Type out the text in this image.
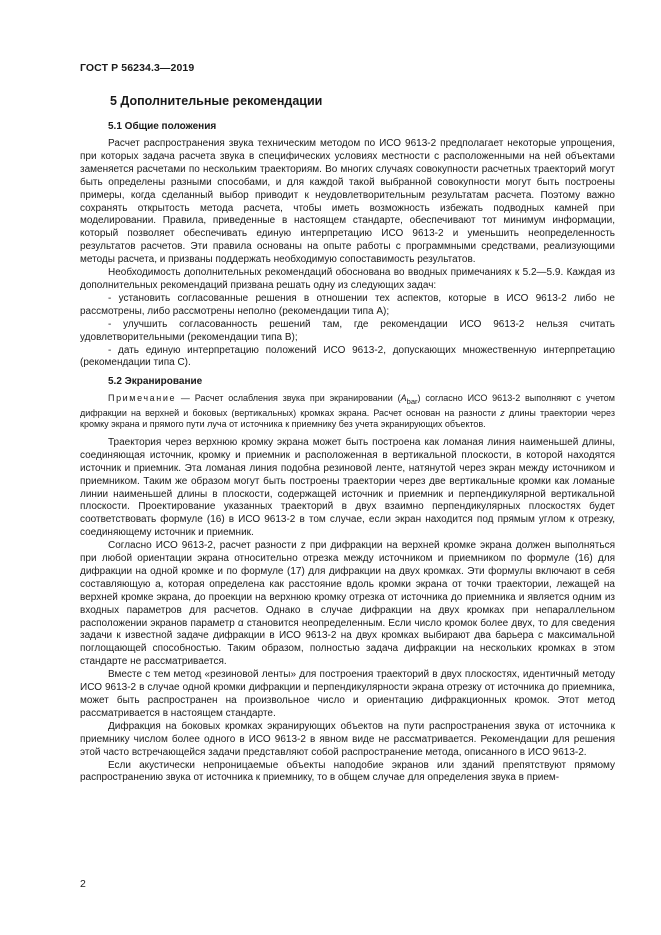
ГОСТ Р 56234.3—2019
5 Дополнительные рекомендации
5.1 Общие положения

Расчет распространения звука техническим методом по ИСО 9613-2 предполагает некоторые упрощения, при которых задача расчета звука в специфических условиях местности с расположенными на ней объектами заменяется расчетами по нескольким траекториям. Во многих случаях совокупности расчетных траекторий могут быть определены разными способами, и для каждой такой выбранной совокупности могут быть построены примеры, когда сделанный выбор приводит к неудовлетворительным результатам расчета. Поэтому важно сохранять открытость метода расчета, чтобы иметь возможность избежать подводных камней при моделировании. Правила, приведенные в настоящем стандарте, обеспечивают тот минимум информации, который позволяет обеспечивать единую интерпретацию ИСО 9613-2 и уменьшить неопределенность результатов расчетов. Эти правила основаны на опыте работы с программными средствами, реализующими методы расчета, и призваны поддержать необходимую сопоставимость результатов.

Необходимость дополнительных рекомендаций обоснована во вводных примечаниях к 5.2—5.9. Каждая из дополнительных рекомендаций призвана решать одну из следующих задач:

- установить согласованные решения в отношении тех аспектов, которые в ИСО 9613-2 либо не рассмотрены, либо рассмотрены неполно (рекомендации типа А);

- улучшить согласованность решений там, где рекомендации ИСО 9613-2 нельзя считать удовлетворительными (рекомендации типа В);

- дать единую интерпретацию положений ИСО 9613-2, допускающих множественную интерпретацию (рекомендации типа С).

5.2 Экранирование

Примечание — Расчет ослабления звука при экранировании $(A_{bar})$ согласно ИСО 9613-2 выполняют с учетом дифракции на верхней и боковых (вертикальных) кромках экрана. Расчет основан на разности z длины траектории через кромку экрана и прямого пути луча от источника к приемнику без учета экранирующих объектов.

Траектория через верхнюю кромку экрана может быть построена как ломаная линия наименьшей длины, соединяющая источник, кромку и приемник и расположенная в вертикальной плоскости, в которой находятся источник и приемник. Эта ломаная линия подобна резиновой ленте, натянутой через экран между источником и приемником. Таким же образом могут быть построены траектории через две вертикальные кромки как ломаные линии наименьшей длины в плоскости, содержащей источник и приемник и перпендикулярной вертикальной плоскости. Проектирование указанных траекторий в двух взаимно перпендикулярных плоскостях будет соответствовать формуле (16) в ИСО 9613-2 в том случае, если экран находится под прямым углом к отрезку, соединяющему источник и приемник.

Согласно ИСО 9613-2, расчет разности z при дифракции на верхней кромке экрана должен выполняться при любой ориентации экрана относительно отрезка между источником и приемником по формуле (16) для дифракции на одной кромке и по формуле (17) для дифракции на двух кромках. Эти формулы включают в себя составляющую a, которая определена как расстояние вдоль кромки экрана от точки траектории, лежащей на верхней кромке экрана, до проекции на верхнюю кромку отрезка от источника до приемника и является одним из входных параметров для расчетов. Однако в случае дифракции на двух кромках при непараллельном расположении экранов параметр α становится неопределенным. Если число кромок более двух, то для сведения задачи к известной задаче дифракции в ИСО 9613-2 на двух кромках выбирают два барьера с максимальной поглощающей способностью. Таким образом, полностью задача дифракции на нескольких кромках в этом стандарте не рассматривается.

Вместе с тем метод «резиновой ленты» для построения траекторий в двух плоскостях, идентичный методу ИСО 9613-2 в случае одной кромки дифракции и перпендикулярности экрана отрезку от источника до приемника, может быть распространен на произвольное число и ориентацию дифракционных кромок. Этот метод рассматривается в настоящем стандарте.

Дифракция на боковых кромках экранирующих объектов на пути распространения звука от источника к приемнику числом более одного в ИСО 9613-2 в явном виде не рассматривается. Рекомендации для решения этой часто встречающейся задачи представляют собой распространение метода, описанного в ИСО 9613-2.

Если акустически непроницаемые объекты наподобие экранов или зданий препятствуют прямому распространению звука от источника к приемнику, то в общем случае для определения звука в прием-

2
